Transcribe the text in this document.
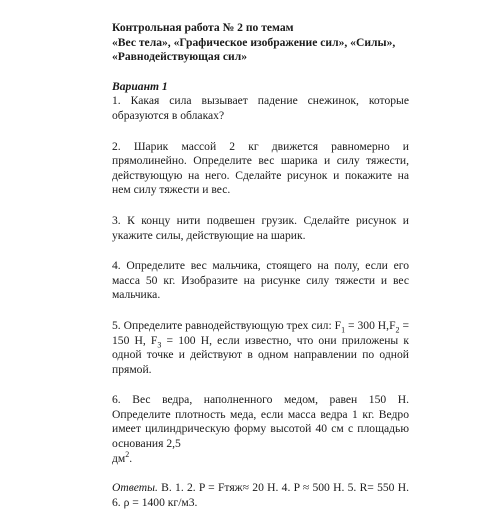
Контрольная работа № 2 по темам
«Вес тела», «Графическое изображение сил», «Силы»,
«Равнодействующая сил»
Вариант 1

1. Какая сила вызывает падение снежинок, которые образуются в облаках?

2. Шарик массой 2 кг движется равномерно и прямолинейно. Определите вес шарика и силу тяжести, действующую на него. Сделайте рисунок и покажите на нем силу тяжести и вес.

3. К концу нити подвешен грузик. Сделайте рисунок и укажите силы, действующие на шарик.

4. Определите вес мальчика, стоящего на полу, если его масса 50 кг. Изобразите на рисунке силу тяжести и вес мальчика.

5. Определите равнодействующую трех сил: $F_1 = 300$ $Н,F_2 = 150$ Н, $F_3 = 100$ Н, если известно, что они приложены к одной точке и действуют в одном направлении по одной прямой.

6. Вес ведра, наполненного медом, равен 150 Н. Определите плотность меда, если масса ведра 1 кг. Ведро имеет цилиндрическую форму высотой 40 см с площадью основания 2,5

$дм^2$.

Ответы. В. 1. 2. P = Fтяж≈ 20 Н. 4. P ≈ 500 Н. 5. R= 550 Н. 6. ρ = 1400 кг/м3.
